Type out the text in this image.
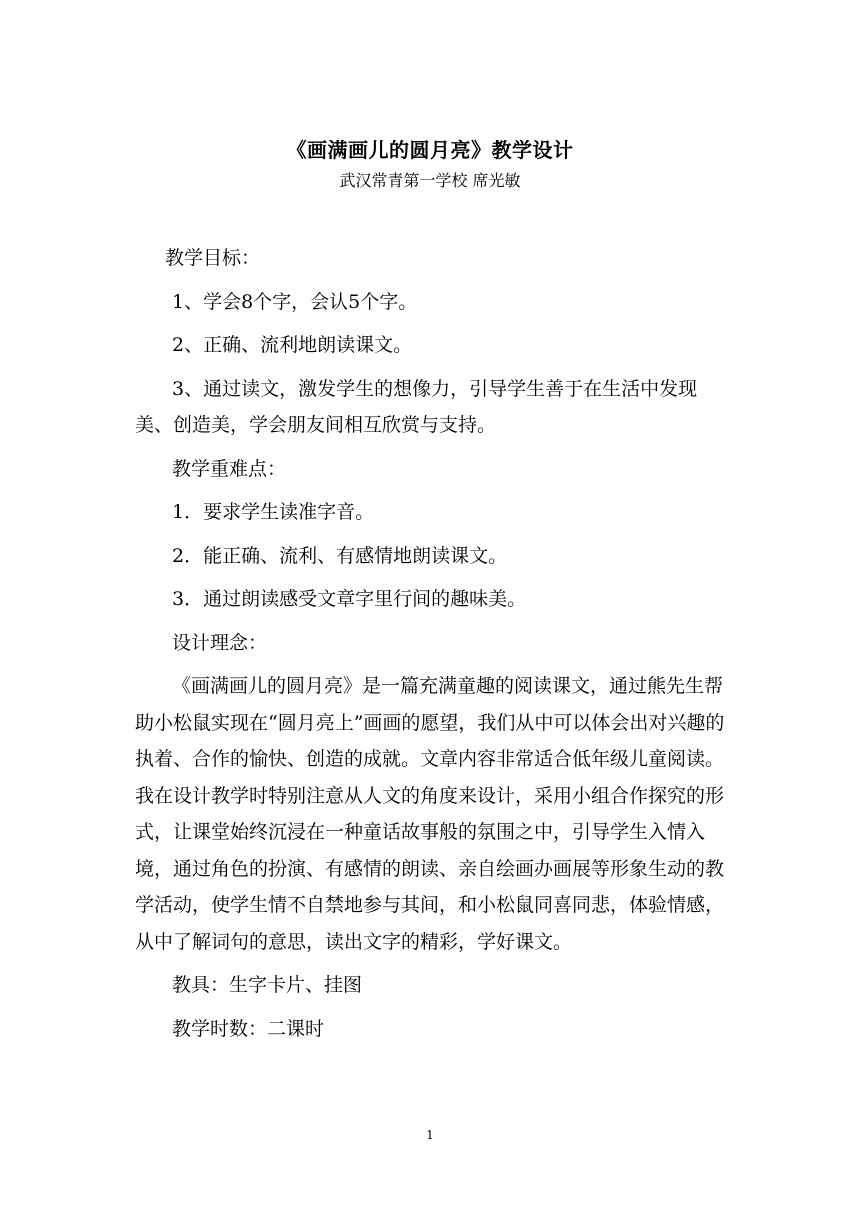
《画满画儿的圆月亮》教学设计
武汉常青第一学校 席光敏

教学目标：

1、学会8个字，会认5个字。

2、正确、流利地朗读课文。

3、通过读文，激发学生的想像力，引导学生善于在生活中发现美、创造美，学会朋友间相互欣赏与支持。

教学重难点：

1．要求学生读准字音。

2．能正确、流利、有感情地朗读课文。

3．通过朗读感受文章字里行间的趣味美。

设计理念：

《画满画儿的圆月亮》是一篇充满童趣的阅读课文，通过熊先生帮助小松鼠实现在“圆月亮上”画画的愿望，我们从中可以体会出对兴趣的执着、合作的愉快、创造的成就。文章内容非常适合低年级儿童阅读。我在设计教学时特别注意从人文的角度来设计，采用小组合作探究的形式，让课堂始终沉浸在一种童话故事般的氛围之中，引导学生入情入境，通过角色的扮演、有感情的朗读、亲自绘画办画展等形象生动的教学活动，使学生情不自禁地参与其间，和小松鼠同喜同悲，体验情感，从中了解词句的意思，读出文字的精彩，学好课文。

教具：生字卡片、挂图

教学时数：二课时

1
